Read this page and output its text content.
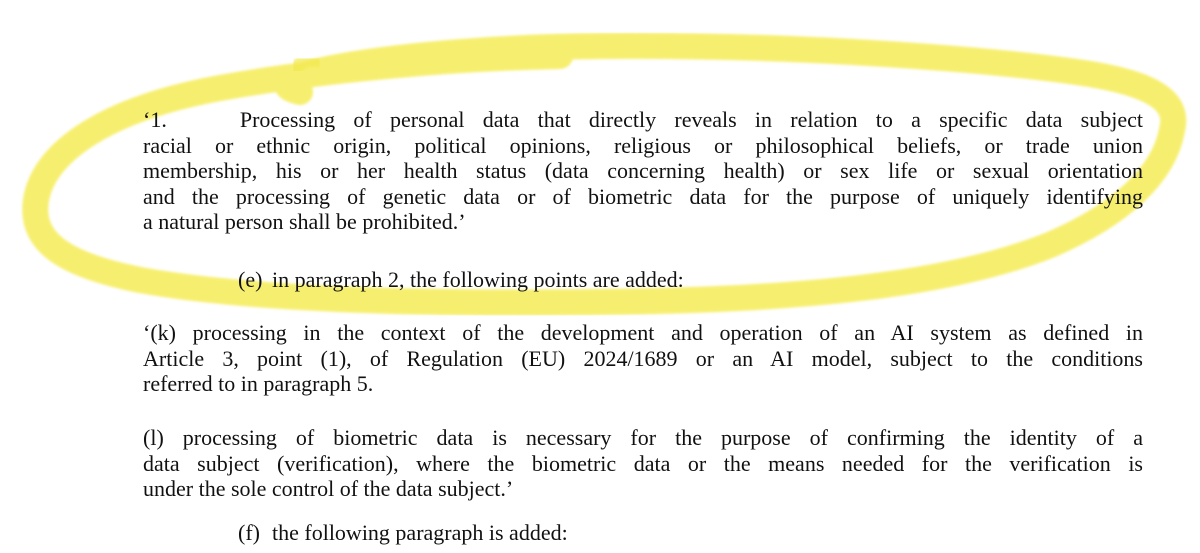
‘1.    Processing of personal data that directly reveals in relation to a specific data subject
racial or ethnic origin, political opinions, religious or philosophical beliefs, or trade union
membership, his or her health status (data concerning health) or sex life or sexual orientation
and the processing of genetic data or of biometric data for the purpose of uniquely identifying
a natural person shall be prohibited.’

(e) in paragraph 2, the following points are added:

‘(k) processing in the context of the development and operation of an AI system as defined in
Article 3, point (1), of Regulation (EU) 2024/1689 or an AI model, subject to the conditions
referred to in paragraph 5.
(l) processing of biometric data is necessary for the purpose of confirming the identity of a
data subject (verification), where the biometric data or the means needed for the verification is
under the sole control of the data subject.’

(f) the following paragraph is added:
